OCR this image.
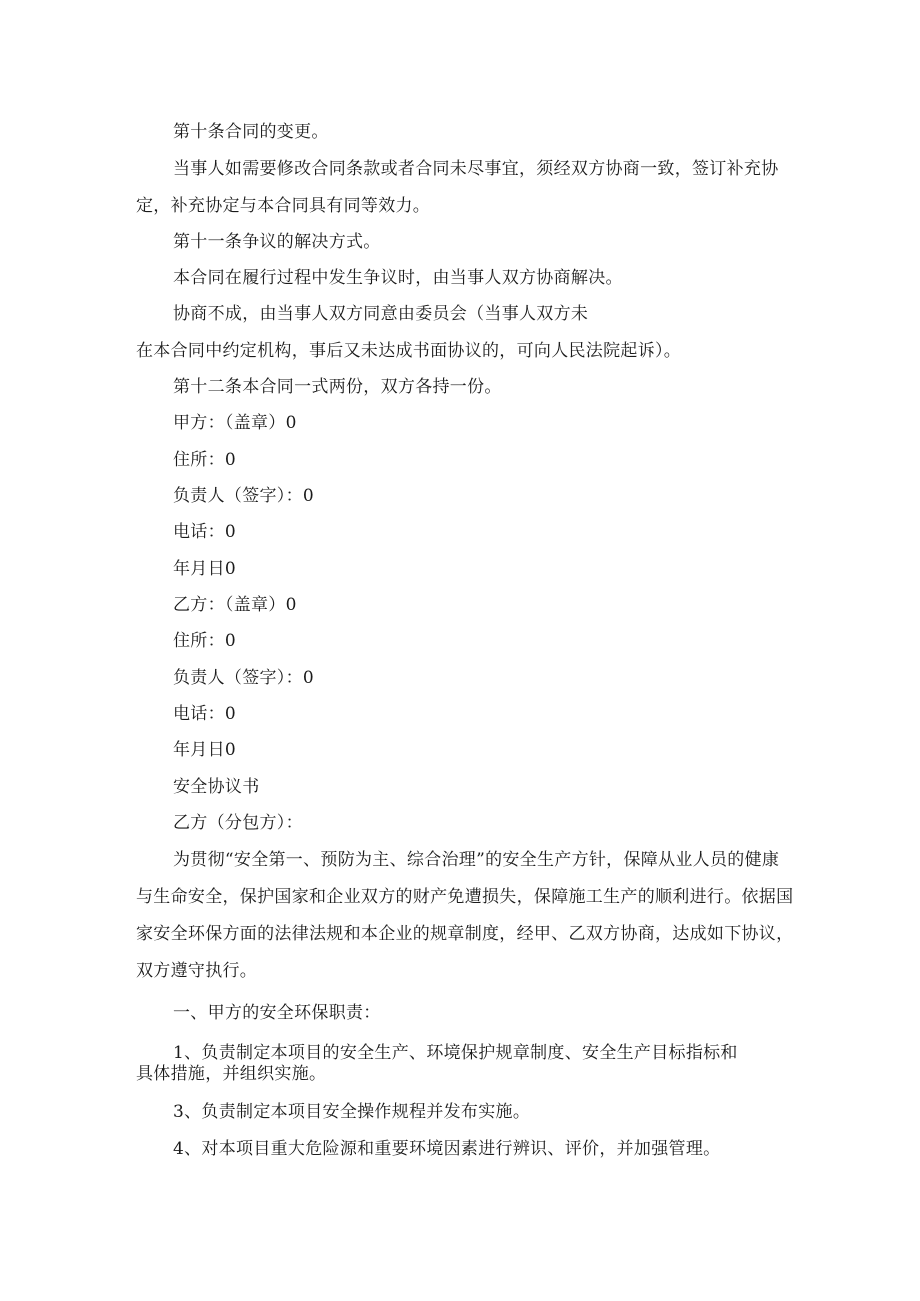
第十条合同的变更。
当事人如需要修改合同条款或者合同未尽事宜，须经双方协商一致，签订补充协
定，补充协定与本合同具有同等效力。
第十一条争议的解决方式。
本合同在履行过程中发生争议时，由当事人双方协商解决。
协商不成，由当事人双方同意由委员会（当事人双方未
在本合同中约定机构，事后又未达成书面协议的，可向人民法院起诉）。
第十二条本合同一式两份，双方各持一份。
甲方：（盖章）0
住所：0
负责人（签字）：0
电话：0
年月日0
乙方：（盖章）0
住所：0
负责人（签字）：0
电话：0
年月日0
安全协议书
乙方（分包方）：
为贯彻“安全第一、预防为主、综合治理”的安全生产方针，保障从业人员的健康
与生命安全，保护国家和企业双方的财产免遭损失，保障施工生产的顺利进行。依据国
家安全环保方面的法律法规和本企业的规章制度，经甲、乙双方协商，达成如下协议，
双方遵守执行。
一、甲方的安全环保职责：
1、负责制定本项目的安全生产、环境保护规章制度、安全生产目标指标和
具体措施，并组织实施。
3、负责制定本项目安全操作规程并发布实施。
4、对本项目重大危险源和重要环境因素进行辨识、评价，并加强管理。
